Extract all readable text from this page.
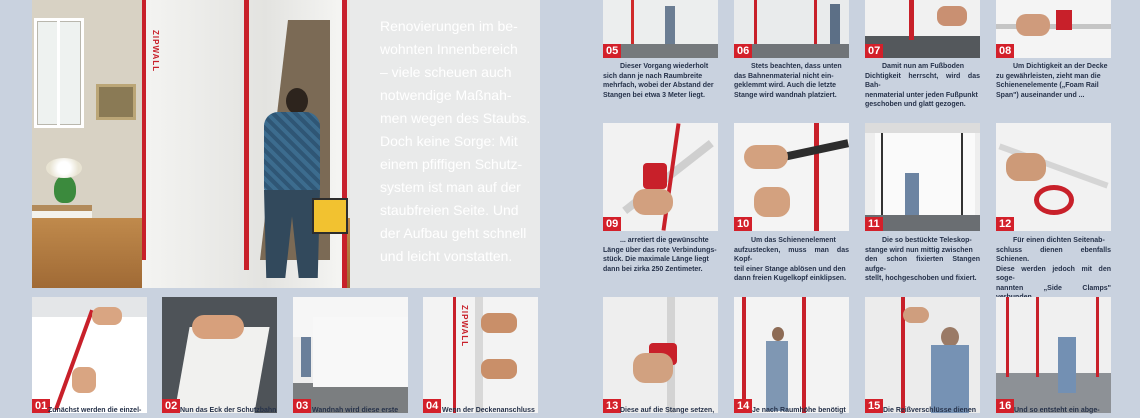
ZIPWALL
Renovierungen im be-
wohnten Innenbereich
– viele scheuen auch
notwendige Maßnah-
men wegen des Staubs.
Doch keine Sorge: Mit
einem pfiffigen Schutz-
system ist man auf der
staubfreien Seite. Und
der Aufbau geht schnell
und leicht vonstatten.
01	02	03
ZIPWALL
04
Zunächst werden die einzel-	Nun das Eck der Schutzbahn	Wandnah wird diese erste	Wenn der Deckenanschluss
05	06	07	08
Dieser Vorgang wiederholt
sich dann je nach Raumbreite
mehrfach, wobei der Abstand der
Stangen bei etwa 3 Meter liegt.
Stets beachten, dass unten
das Bahnenmaterial nicht ein-
geklemmt wird. Auch die letzte
Stange wird wandnah platziert.
Damit nun am Fußboden
Dichtigkeit herrscht, wird das Bah-
nenmaterial unter jeden Fußpunkt
geschoben und glatt gezogen.
Um Dichtigkeit an der Decke
zu gewährleisten, zieht man die
Schienenelemente („Foam Rail
Span") auseinander und ...
09	10	11	12
... arretiert die gewünschte
Länge über das rote Verbindungs-
stück. Die maximale Länge liegt
dann bei zirka 250 Zentimeter.
Um das Schienenelement
aufzustecken, muss man das Kopf-
teil einer Stange ablösen und den
dann freien Kugelkopf einklipsen.
Die so bestückte Teleskop-
stange wird nun mittig zwischen
den schon fixierten Stangen aufge-
stellt, hochgeschoben und fixiert.
Für einen dichten Seitenab-
schluss dienen ebenfalls Schienen.
Diese werden jedoch mit den soge-
nannten „Side Clamps"
13	14	15	16
Diese auf die Stange setzen,	Je nach Raumhöhe benötigt	Die Reißverschlüsse dienen	Und so entsteht ein abge-
